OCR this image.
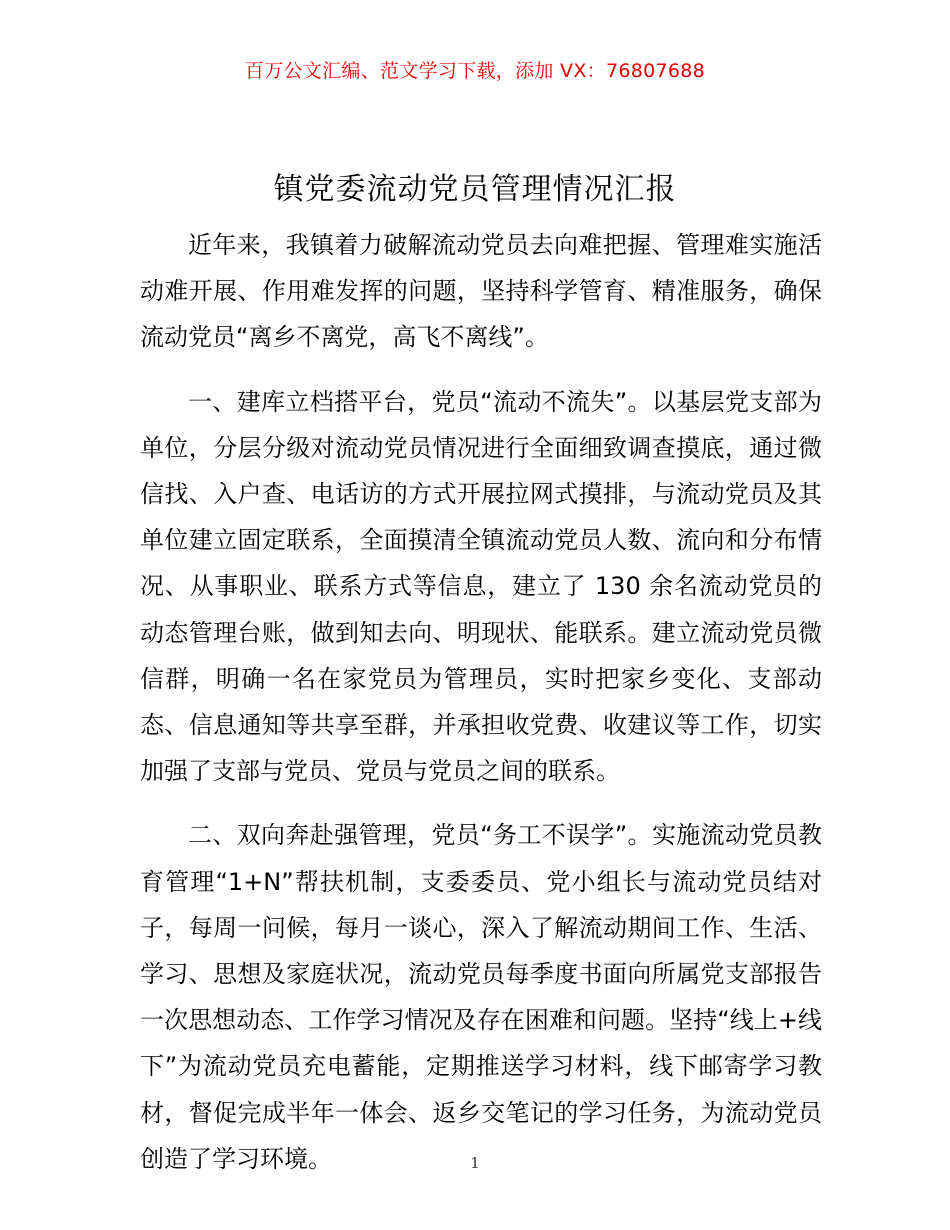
百万公文汇编、范文学习下载，添加 VX：76807688
镇党委流动党员管理情况汇报

近年来，我镇着力破解流动党员去向难把握、管理难实施活动难开展、作用难发挥的问题，坚持科学管育、精准服务，确保流动党员“离乡不离党，高飞不离线”。

一、建库立档搭平台，党员“流动不流失”。以基层党支部为单位，分层分级对流动党员情况进行全面细致调查摸底，通过微信找、入户查、电话访的方式开展拉网式摸排，与流动党员及其单位建立固定联系，全面摸清全镇流动党员人数、流向和分布情况、从事职业、联系方式等信息，建立了 130 余名流动党员的动态管理台账，做到知去向、明现状、能联系。建立流动党员微信群，明确一名在家党员为管理员，实时把家乡变化、支部动态、信息通知等共享至群，并承担收党费、收建议等工作，切实加强了支部与党员、党员与党员之间的联系。

二、双向奔赴强管理，党员“务工不误学”。实施流动党员教育管理“1+N”帮扶机制，支委委员、党小组长与流动党员结对子，每周一问候，每月一谈心，深入了解流动期间工作、生活、学习、思想及家庭状况，流动党员每季度书面向所属党支部报告一次思想动态、工作学习情况及存在困难和问题。坚持“线上+线下”为流动党员充电蓄能，定期推送学习材料，线下邮寄学习教材，督促完成半年一体会、返乡交笔记的学习任务，为流动党员创造了学习环境。	1
